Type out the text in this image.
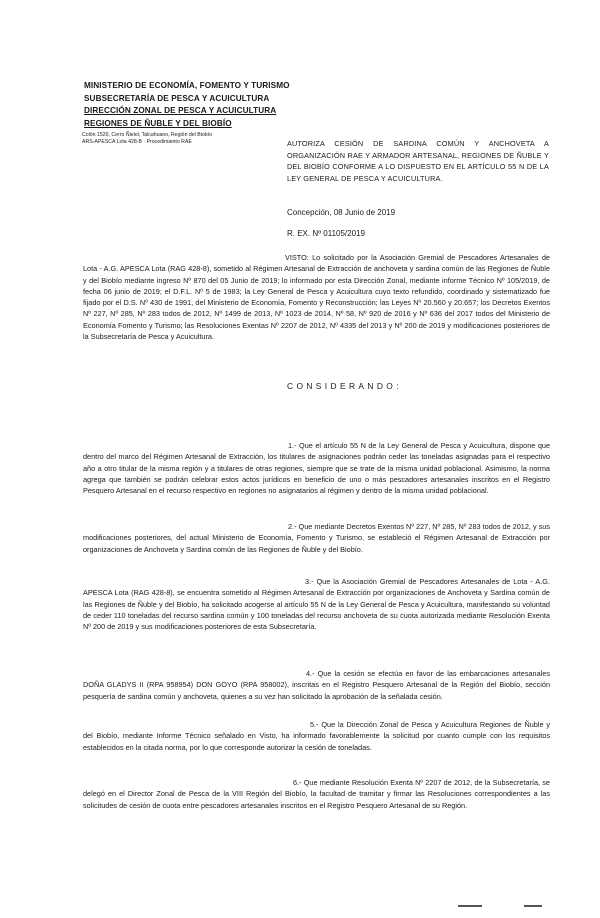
MINISTERIO DE ECONOMÍA, FOMENTO Y TURISMO
SUBSECRETARÍA DE PESCA Y ACUICULTURA
DIRECCIÓN ZONAL DE PESCA Y ACUICULTURA
REGIONES DE ÑUBLE Y DEL BIOBÍO
Colón 1520, Cerro Ñielol, Talcahuano, Región del Biobío
ARS-APESCA Lota 428-B · Procedimiento RAE	AUTORIZA CESIÓN DE SARDINA COMÚN Y ANCHOVETA A ORGANIZACIÓN RAE Y ARMADOR ARTESANAL, REGIONES DE ÑUBLE Y DEL BIOBÍO CONFORME A LO DISPUESTO EN EL ARTÍCULO 55 N DE LA LEY GENERAL DE PESCA Y ACUICULTURA.
Concepción, 08 Junio de 2019
R. EX. Nº 01105/2019
VISTO: Lo solicitado por la Asociación Gremial de Pescadores Artesanales de Lota - A.G. APESCA Lota (RAG 428-8), sometido al Régimen Artesanal de Extracción de anchoveta y sardina común de las Regiones de Ñuble y del Biobío mediante ingreso Nº 870 del 05 Junio de 2019; lo informado por esta Dirección Zonal, mediante informe Técnico Nº 105/2019, de fecha 06 junio de 2019; el D.F.L. Nº 5 de 1983; la Ley General de Pesca y Acuicultura cuyo texto refundido, coordinado y sistematizado fue fijado por el D.S. Nº 430 de 1991, del Ministerio de Economía, Fomento y Reconstrucción; las Leyes Nº 20.560 y 20.657; los Decretos Exentos Nº 227, Nº 285, Nº 283 todos de 2012, Nº 1499 de 2013, Nº 1023 de 2014, Nº 58, Nº 920 de 2016 y Nº 636 del 2017 todos del Ministerio de Economía Fomento y Turismo; las Resoluciones Exentas Nº 2207 de 2012, Nº 4335 del 2013 y Nº 200 de 2019 y modificaciones posteriores de la Subsecretaría de Pesca y Acuicultura.
CONSIDERANDO:
1.- Que el artículo 55 N de la Ley General de Pesca y Acuicultura, dispone que dentro del marco del Régimen Artesanal de Extracción, los titulares de asignaciones podrán ceder las toneladas asignadas para el respectivo año a otro titular de la misma región y a titulares de otras regiones, siempre que se trate de la misma unidad poblacional. Asimismo, la norma agrega que también se podrán celebrar estos actos jurídicos en beneficio de uno o más pescadores artesanales inscritos en el Registro Pesquero Artesanal en el recurso respectivo en regiones no asignatarios al régimen y dentro de la misma unidad poblacional.
2.- Que mediante Decretos Exentos Nº 227, Nº 285, Nº 283 todos de 2012, y sus modificaciones posteriores, del actual Ministerio de Economía, Fomento y Turismo, se estableció el Régimen Artesanal de Extracción por organizaciones de Anchoveta y Sardina común de las Regiones de Ñuble y del Biobío.
3.- Que la Asociación Gremial de Pescadores Artesanales de Lota - A.G. APESCA Lota (RAG 428-8), se encuentra sometido al Régimen Artesanal de Extracción por organizaciones de Anchoveta y Sardina común de las Regiones de Ñuble y del Biobío, ha solicitado acogerse al artículo 55 N de la Ley General de Pesca y Acuicultura, manifestando su voluntad de ceder 110 toneladas del recurso sardina común y 100 toneladas del recurso anchoveta de su cuota autorizada mediante Resolución Exenta Nº 200 de 2019 y sus modificaciones posteriores de esta Subsecretaría.
4.- Que la cesión se efectúa en favor de las embarcaciones artesanales DOÑA GLADYS II (RPA 958954) DON GOYO (RPA 958002), inscritas en el Registro Pesquero Artesanal de la Región del Biobío, sección pesquería de sardina común y anchoveta, quienes a su vez han solicitado la aprobación de la señalada cesión.
5.- Que la Dirección Zonal de Pesca y Acuicultura Regiones de Ñuble y del Biobío, mediante Informe Técnico señalado en Visto, ha informado favorablemente la solicitud por cuanto cumple con los requisitos establecidos en la citada norma, por lo que corresponde autorizar la cesión de toneladas.
6.- Que mediante Resolución Exenta Nº 2207 de 2012, de la Subsecretaría, se delegó en el Director Zonal de Pesca de la VIII Región del Biobío, la facultad de tramitar y firmar las Resoluciones correspondientes a las solicitudes de cesión de cuota entre pescadores artesanales inscritos en el Registro Pesquero Artesanal de su Región.
